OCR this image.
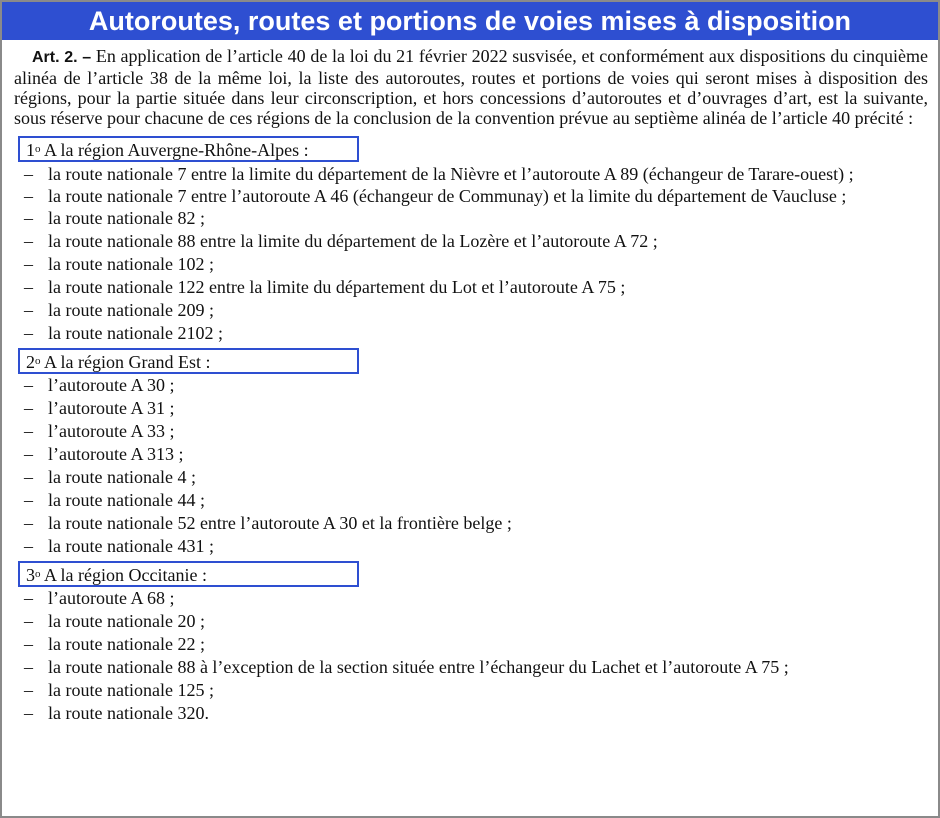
Autoroutes, routes et portions de voies mises à disposition

Art. 2. – En application de l’article 40 de la loi du 21 février 2022 susvisée, et conformément aux dispositions du cinquième alinéa de l’article 38 de la même loi, la liste des autoroutes, routes et portions de voies qui seront mises à disposition des régions, pour la partie située dans leur circonscription, et hors concessions d’autoroutes et d’ouvrages d’art, est la suivante, sous réserve pour chacune de ces régions de la conclusion de la convention prévue au septième alinéa de l’article 40 précité :

1$^o$ A la région Auvergne-Rhône-Alpes :
– la route nationale 7 entre la limite du département de la Nièvre et l’autoroute A 89 (échangeur de Tarare-ouest) ;
– la route nationale 7 entre l’autoroute A 46 (échangeur de Communay) et la limite du département de Vaucluse ;
– la route nationale 82 ;
– la route nationale 88 entre la limite du département de la Lozère et l’autoroute A 72 ;
– la route nationale 102 ;
– la route nationale 122 entre la limite du département du Lot et l’autoroute A 75 ;
– la route nationale 209 ;
– la route nationale 2102 ;
2$^o$ A la région Grand Est :
– l’autoroute A 30 ;
– l’autoroute A 31 ;
– l’autoroute A 33 ;
– l’autoroute A 313 ;
– la route nationale 4 ;
– la route nationale 44 ;
– la route nationale 52 entre l’autoroute A 30 et la frontière belge ;
– la route nationale 431 ;
3$^o$ A la région Occitanie :
– l’autoroute A 68 ;
– la route nationale 20 ;
– la route nationale 22 ;
– la route nationale 88 à l’exception de la section située entre l’échangeur du Lachet et l’autoroute A 75 ;
– la route nationale 125 ;
– la route nationale 320.
